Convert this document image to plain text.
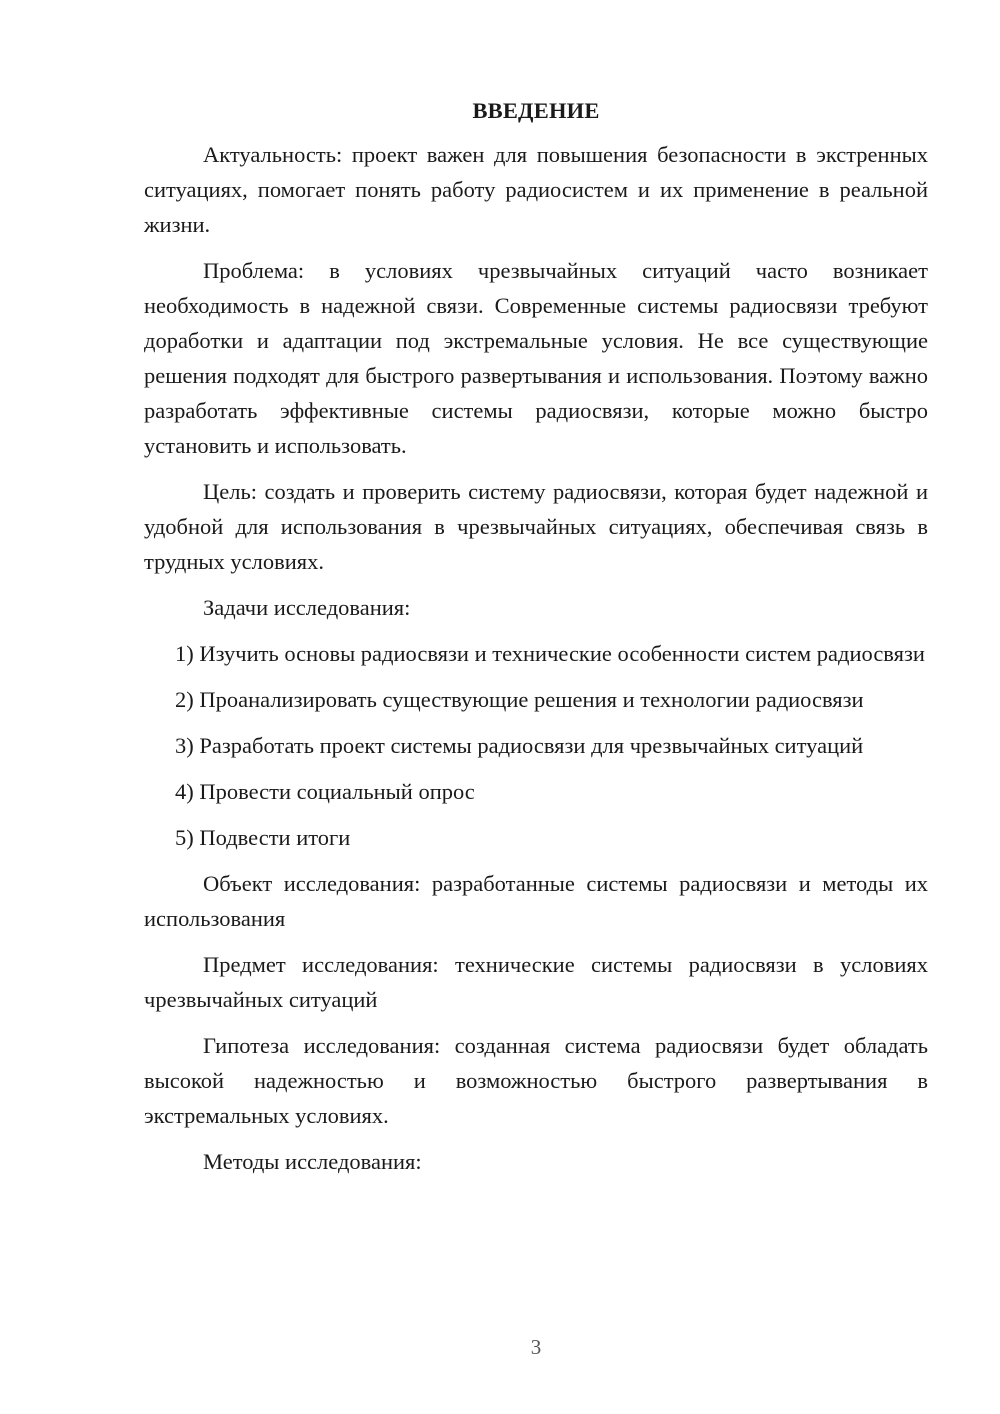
ВВЕДЕНИЕ

Актуальность: проект важен для повышения безопасности в экстренных ситуациях, помогает понять работу радиосистем и их применение в реальной жизни.

Проблема: в условиях чрезвычайных ситуаций часто возникает необходимость в надежной связи. Современные системы радиосвязи требуют доработки и адаптации под экстремальные условия. Не все существующие решения подходят для быстрого развертывания и использования. Поэтому важно разработать эффективные системы радиосвязи, которые можно быстро установить и использовать.

Цель: создать и проверить систему радиосвязи, которая будет надежной и удобной для использования в чрезвычайных ситуациях, обеспечивая связь в трудных условиях.

Задачи исследования:

1) Изучить основы радиосвязи и технические особенности систем радиосвязи

2) Проанализировать существующие решения и технологии радиосвязи

3) Разработать проект системы радиосвязи для чрезвычайных ситуаций

4) Провести социальный опрос

5) Подвести итоги

Объект исследования: разработанные системы радиосвязи и методы их использования

Предмет исследования: технические системы радиосвязи в условиях чрезвычайных ситуаций

Гипотеза исследования: созданная система радиосвязи будет обладать высокой надежностью и возможностью быстрого развертывания в экстремальных условиях.

Методы исследования:

3
